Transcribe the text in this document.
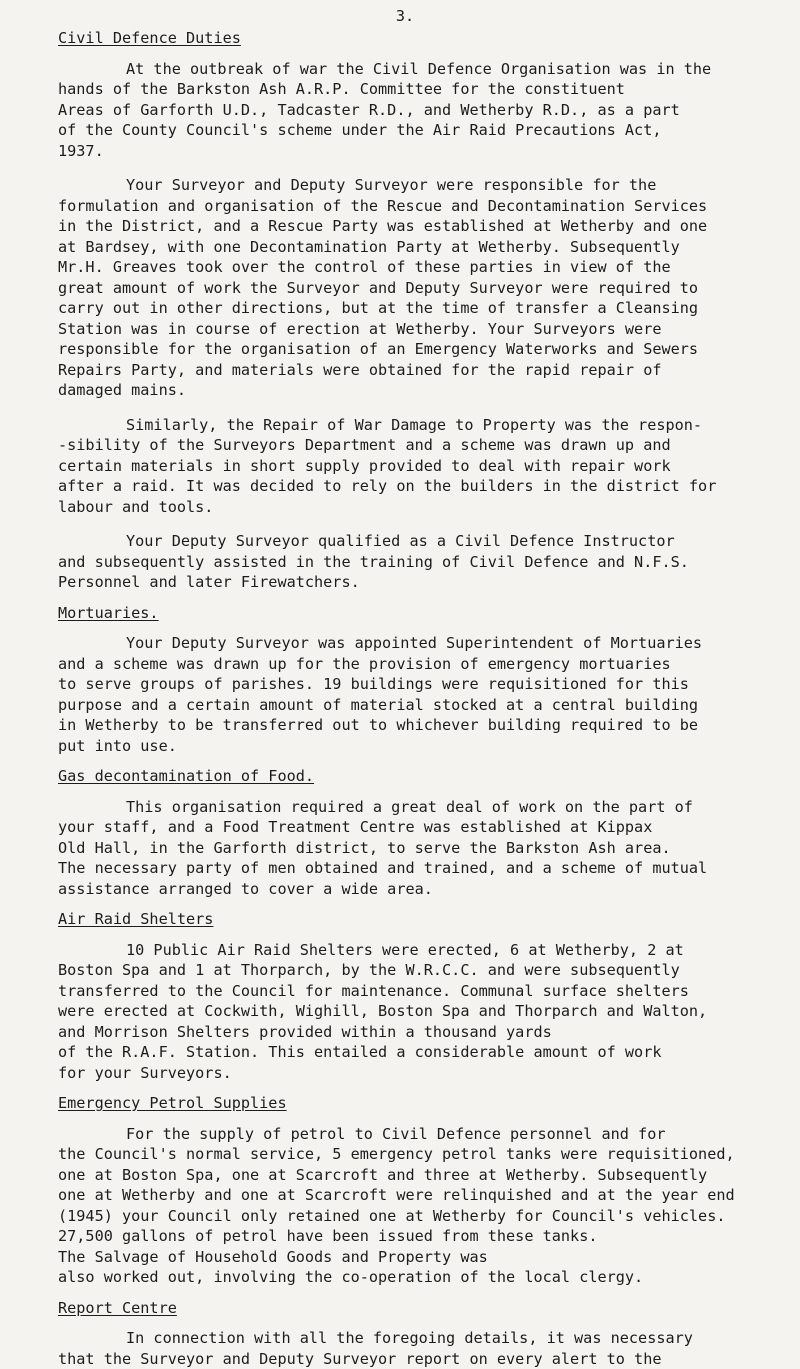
3.
Civil Defence Duties

At the outbreak of war the Civil Defence Organisation was in the
hands of the Barkston Ash A.R.P. Committee for the constituent
Areas of Garforth U.D., Tadcaster R.D., and Wetherby R.D., as a part
of the County Council's scheme under the Air Raid Precautions Act,
1937.

Your Surveyor and Deputy Surveyor were responsible for the
formulation and organisation of the Rescue and Decontamination Services
in the District, and a Rescue Party was established at Wetherby and one
at Bardsey, with one Decontamination Party at Wetherby. Subsequently
Mr.H. Greaves took over the control of these parties in view of the
great amount of work the Surveyor and Deputy Surveyor were required to
carry out in other directions, but at the time of transfer a Cleansing
Station was in course of erection at Wetherby. Your Surveyors were
responsible for the organisation of an Emergency Waterworks and Sewers
Repairs Party, and materials were obtained for the rapid repair of
damaged mains.

Similarly, the Repair of War Damage to Property was the respon-
-sibility of the Surveyors Department and a scheme was drawn up and
certain materials in short supply provided to deal with repair work
after a raid. It was decided to rely on the builders in the district for
labour and tools.

Your Deputy Surveyor qualified as a Civil Defence Instructor
and subsequently assisted in the training of Civil Defence and N.F.S.
Personnel and later Firewatchers.

Mortuaries.

Your Deputy Surveyor was appointed Superintendent of Mortuaries
and a scheme was drawn up for the provision of emergency mortuaries
to serve groups of parishes. 19 buildings were requisitioned for this
purpose and a certain amount of material stocked at a central building
in Wetherby to be transferred out to whichever building required to be
put into use.

Gas decontamination of Food.

This organisation required a great deal of work on the part of
your staff, and a Food Treatment Centre was established at Kippax
Old Hall, in the Garforth district, to serve the Barkston Ash area.
The necessary party of men obtained and trained, and a scheme of mutual
assistance arranged to cover a wide area.

Air Raid Shelters

10 Public Air Raid Shelters were erected, 6 at Wetherby, 2 at
Boston Spa and 1 at Thorparch, by the W.R.C.C. and were subsequently
transferred to the Council for maintenance. Communal surface shelters
were erected at Cockwith, Wighill, Boston Spa and Thorparch and Walton,
and Morrison Shelters provided within a thousand yards
of the R.A.F. Station. This entailed a considerable amount of work
for your Surveyors.

Emergency Petrol Supplies

For the supply of petrol to Civil Defence personnel and for
the Council's normal service, 5 emergency petrol tanks were requisitioned,
one at Boston Spa, one at Scarcroft and three at Wetherby. Subsequently
one at Wetherby and one at Scarcroft were relinquished and at the year end
(1945) your Council only retained one at Wetherby for Council's vehicles.
27,500 gallons of petrol have been issued from these tanks.
The Salvage of Household Goods and Property was
also worked out, involving the co-operation of the local clergy.

Report Centre

In connection with all the foregoing details, it was necessary
that the Surveyor and Deputy Surveyor report on every alert to the
